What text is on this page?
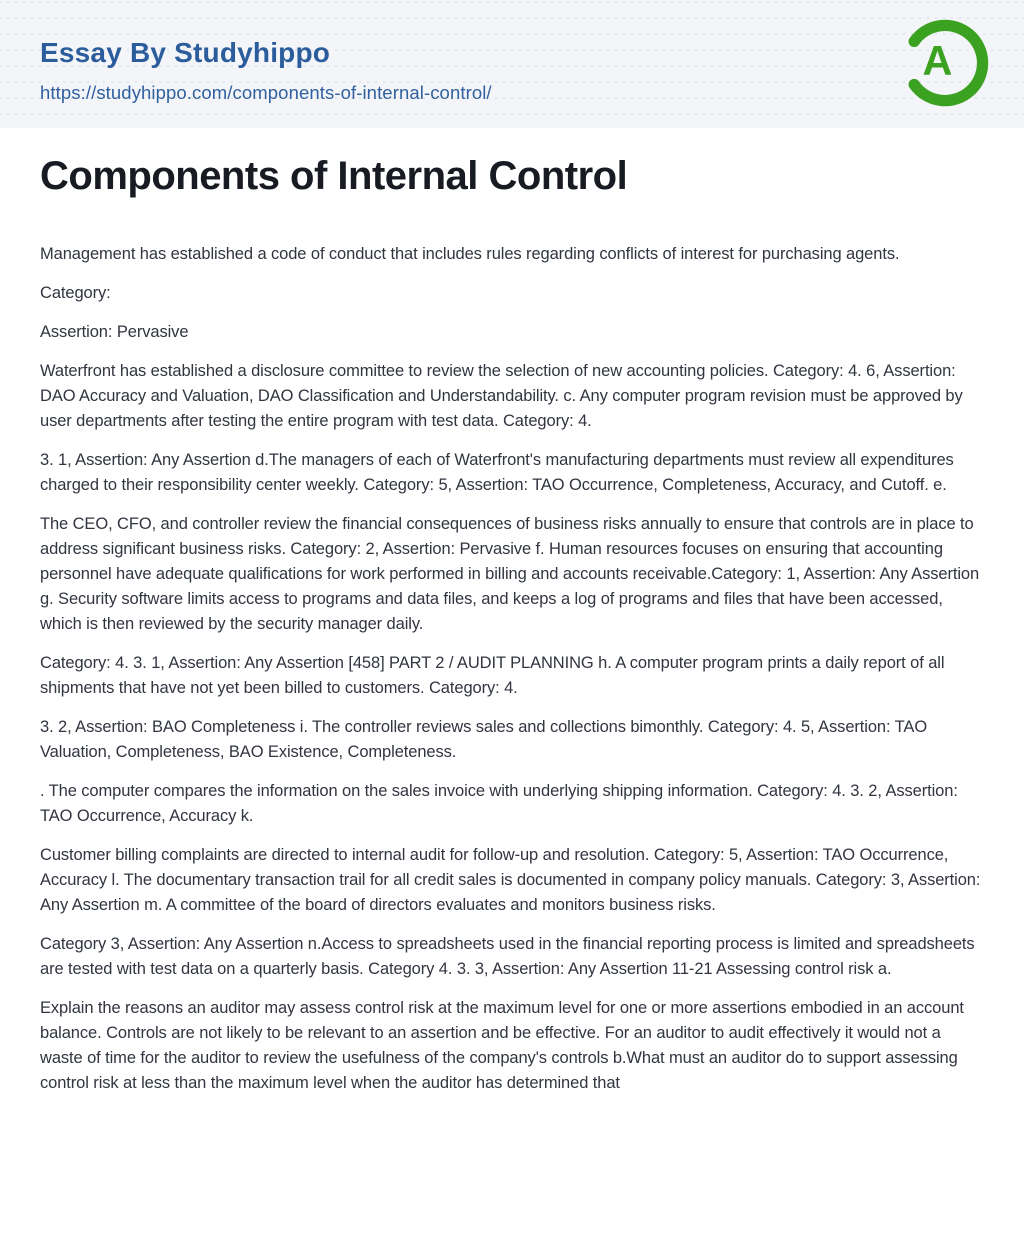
Essay By Studyhippo
https://studyhippo.com/components-of-internal-control/
A
Components of Internal Control

Management has established a code of conduct that includes rules regarding conflicts of interest for purchasing agents.

Category:

Assertion: Pervasive

Waterfront has established a disclosure committee to review the selection of new accounting policies. Category: 4. 6, Assertion: DAO Accuracy and Valuation, DAO Classification and Understandability. c. Any computer program revision must be approved by user departments after testing the entire program with test data. Category: 4.

3. 1, Assertion: Any Assertion d.The managers of each of Waterfront's manufacturing departments must review all expenditures charged to their responsibility center weekly. Category: 5, Assertion: TAO Occurrence, Completeness, Accuracy, and Cutoff. e.

The CEO, CFO, and controller review the financial consequences of business risks annually to ensure that controls are in place to address significant business risks. Category: 2, Assertion: Pervasive f. Human resources focuses on ensuring that accounting personnel have adequate qualifications for work performed in billing and accounts receivable.Category: 1, Assertion: Any Assertion g. Security software limits access to programs and data files, and keeps a log of programs and files that have been accessed, which is then reviewed by the security manager daily.

Category: 4. 3. 1, Assertion: Any Assertion [458] PART 2 / AUDIT PLANNING h. A computer program prints a daily report of all shipments that have not yet been billed to customers. Category: 4.

3. 2, Assertion: BAO Completeness i. The controller reviews sales and collections bimonthly. Category: 4. 5, Assertion: TAO Valuation, Completeness, BAO Existence, Completeness.

. The computer compares the information on the sales invoice with underlying shipping information. Category: 4. 3. 2, Assertion: TAO Occurrence, Accuracy k.

Customer billing complaints are directed to internal audit for follow-up and resolution. Category: 5, Assertion: TAO Occurrence, Accuracy l. The documentary transaction trail for all credit sales is documented in company policy manuals. Category: 3, Assertion: Any Assertion m. A committee of the board of directors evaluates and monitors business risks.

Category 3, Assertion: Any Assertion n.Access to spreadsheets used in the financial reporting process is limited and spreadsheets are tested with test data on a quarterly basis. Category 4. 3. 3, Assertion: Any Assertion 11-21 Assessing control risk a.

Explain the reasons an auditor may assess control risk at the maximum level for one or more assertions embodied in an account balance. Controls are not likely to be relevant to an assertion and be effective. For an auditor to audit effectively it would not a waste of time for the auditor to review the usefulness of the company's controls b.What must an auditor do to support assessing control risk at less than the maximum level when the auditor has determined that
